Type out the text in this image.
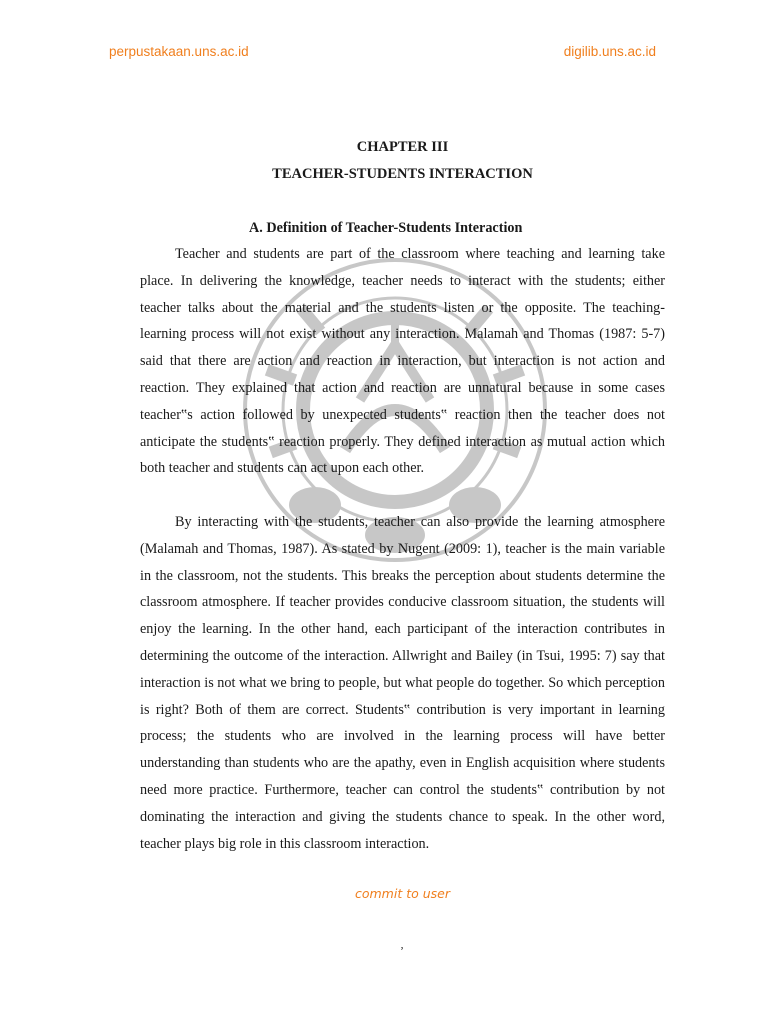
perpustakaan.uns.ac.id	digilib.uns.ac.id
CHAPTER III
TEACHER-STUDENTS INTERACTION
A. Definition of Teacher-Students Interaction

Teacher and students are part of the classroom where teaching and learning take place. In delivering the knowledge, teacher needs to interact with the students; either teacher talks about the material and the students listen or the opposite. The teaching-learning process will not exist without any interaction. Malamah and Thomas (1987: 5-7) said that there are action and reaction in interaction, but interaction is not action and reaction. They explained that action and reaction are unnatural because in some cases teacher‟s action followed by unexpected students‟ reaction then the teacher does not anticipate the students‟ reaction properly. They defined interaction as mutual action which both teacher and students can act upon each other.

By interacting with the students, teacher can also provide the learning atmosphere (Malamah and Thomas, 1987). As stated by Nugent (2009: 1), teacher is the main variable in the classroom, not the students. This breaks the perception about students determine the classroom atmosphere. If teacher provides conducive classroom situation, the students will enjoy the learning. In the other hand, each participant of the interaction contributes in determining the outcome of the interaction. Allwright and Bailey (in Tsui, 1995: 7) say that interaction is not what we bring to people, but what people do together. So which perception is right? Both of them are correct. Students‟ contribution is very important in learning process; the students who are involved in the learning process will have better understanding than students who are the apathy, even in English acquisition where students need more practice. Furthermore, teacher can control the students‟ contribution by not dominating the interaction and giving the students chance to speak. In the other word, teacher plays big role in this classroom interaction.

commit to user
ʼ
